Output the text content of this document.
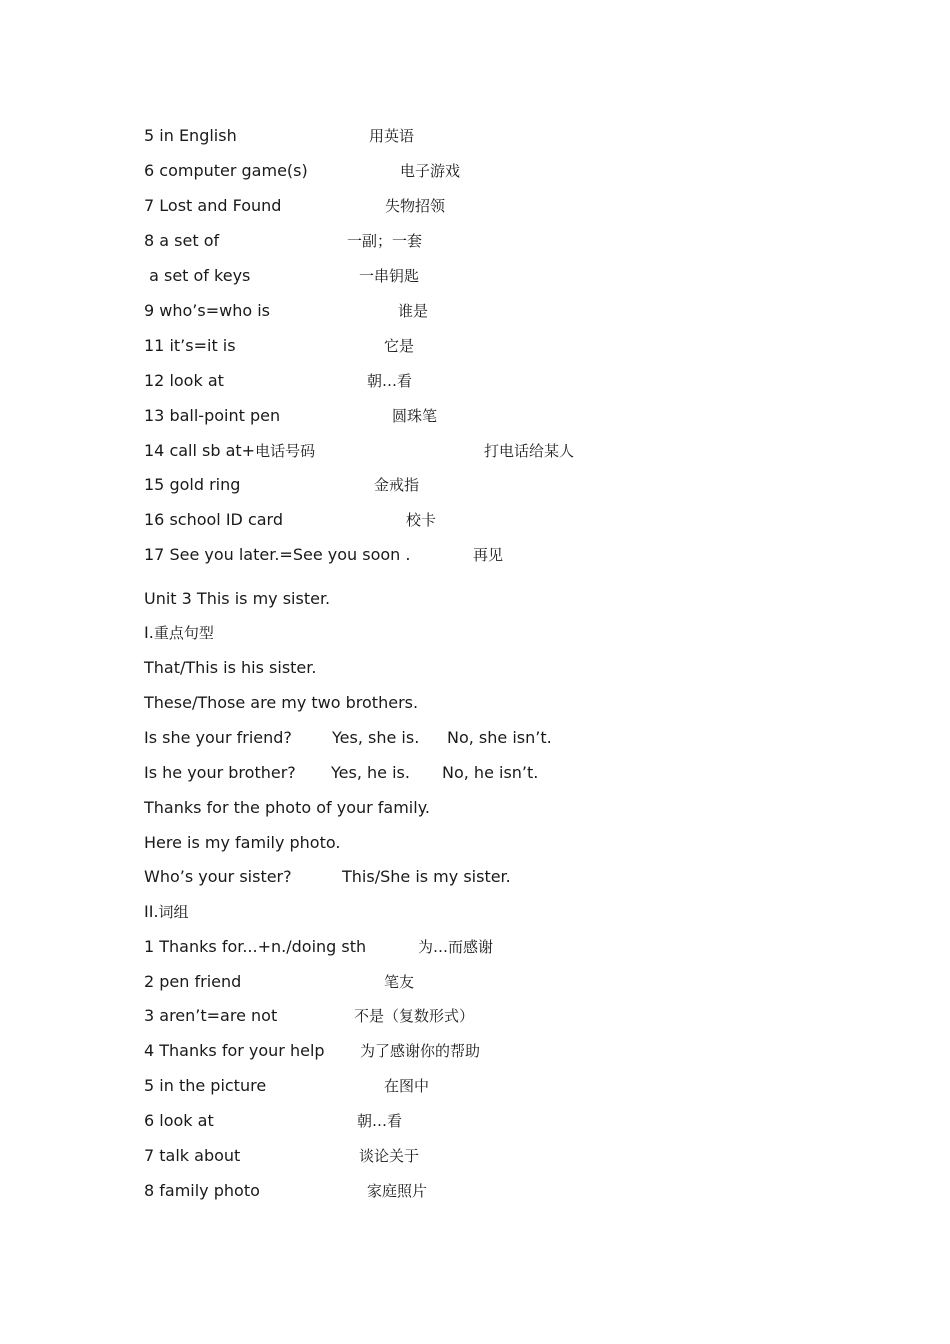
5 in English	用英语
6 computer game(s)	电子游戏
7 Lost and Found	失物招领
8 a set of	一副；一套
a set of keys	一串钥匙
9 who’s=who is	谁是
11 it’s=it is	它是
12 look at	朝…看
13 ball-point pen	圆珠笔
14 call sb at+电话号码	打电话给某人
15 gold ring	金戒指
16 school ID card	校卡
17 See you later.=See you soon .	再见
Unit 3 This is my sister.
I.重点句型
That/This is his sister.
These/Those are my two brothers.
Is she your friend?	Yes, she is. No, she isn’t.
Is he your brother? Yes, he is. No, he isn’t.
Thanks for the photo of your family.
Here is my family photo.
Who’s your sister?	This/She is my sister.
II.词组
1 Thanks for...+n./doing sth	为…而感谢
2 pen friend	笔友
3 aren’t=are not	不是（复数形式）
4 Thanks for your help 为了感谢你的帮助
5 in the picture	在图中
6 look at	朝…看
7 talk about	谈论关于
8 family photo	家庭照片
